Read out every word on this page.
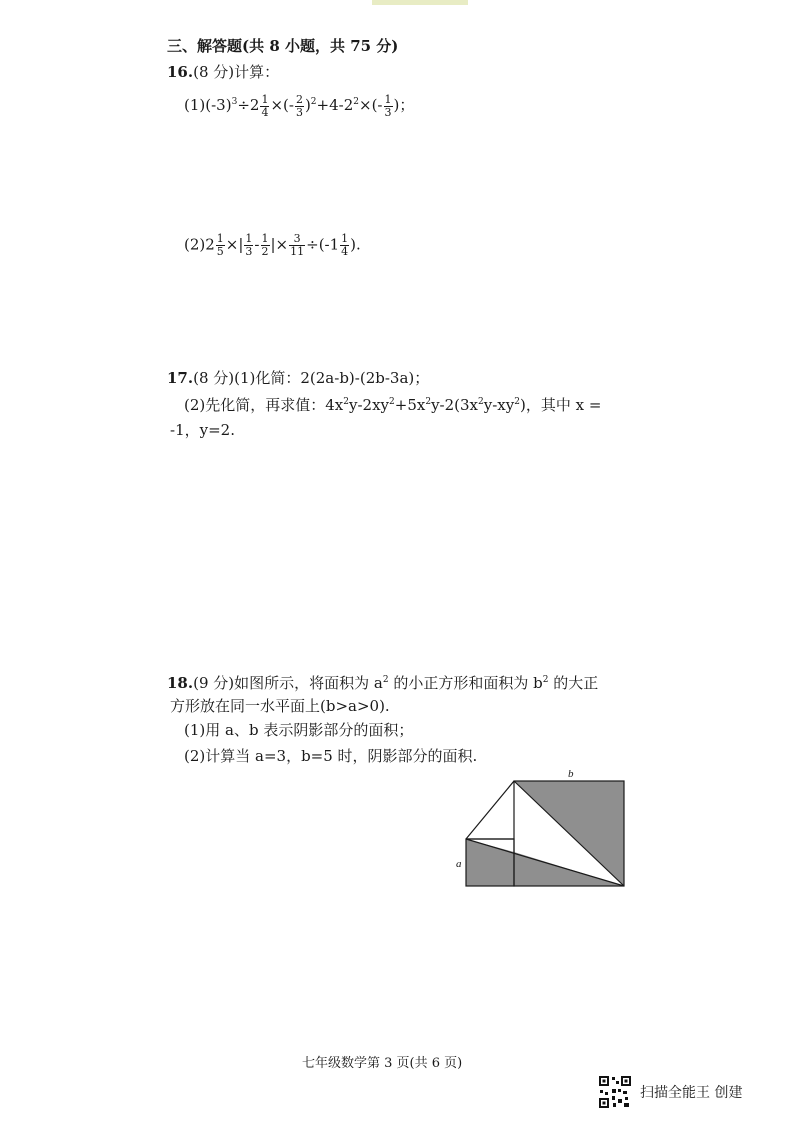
三、解答题(共 8 小题，共 75 分)
16.(8 分)计算：
$(1)(-3)^3\div 2 \frac{1}{4}$ ×(- $\frac{2}{3} )^2+4-2^2\times(- \frac{1}{3}$ )；
$(2)2 \frac{1}{5}$ ×| $\frac{1}{3} - \frac{1}{2}$ |× $\frac{3}{11} \div(-1 \frac{1}{4}$ ).
17.(8 分)(1)化简：2(2a-b)-(2b-3a)；
(2)先化简，再求值：$4x^2y-2xy^2+5x^2y-2(3x^2y-xy^2)$，其中 x =
-1，y=2.
18.(9 分)如图所示，将面积为 $a^2$ 的小正方形和面积为 $b^2$ 的大正
方形放在同一水平面上(b>a>0).
(1)用 a、b 表示阴影部分的面积；
(2)计算当 a=3，b=5 时，阴影部分的面积.
b
a
七年级数学第 3 页(共 6 页)
扫描全能王 创建
